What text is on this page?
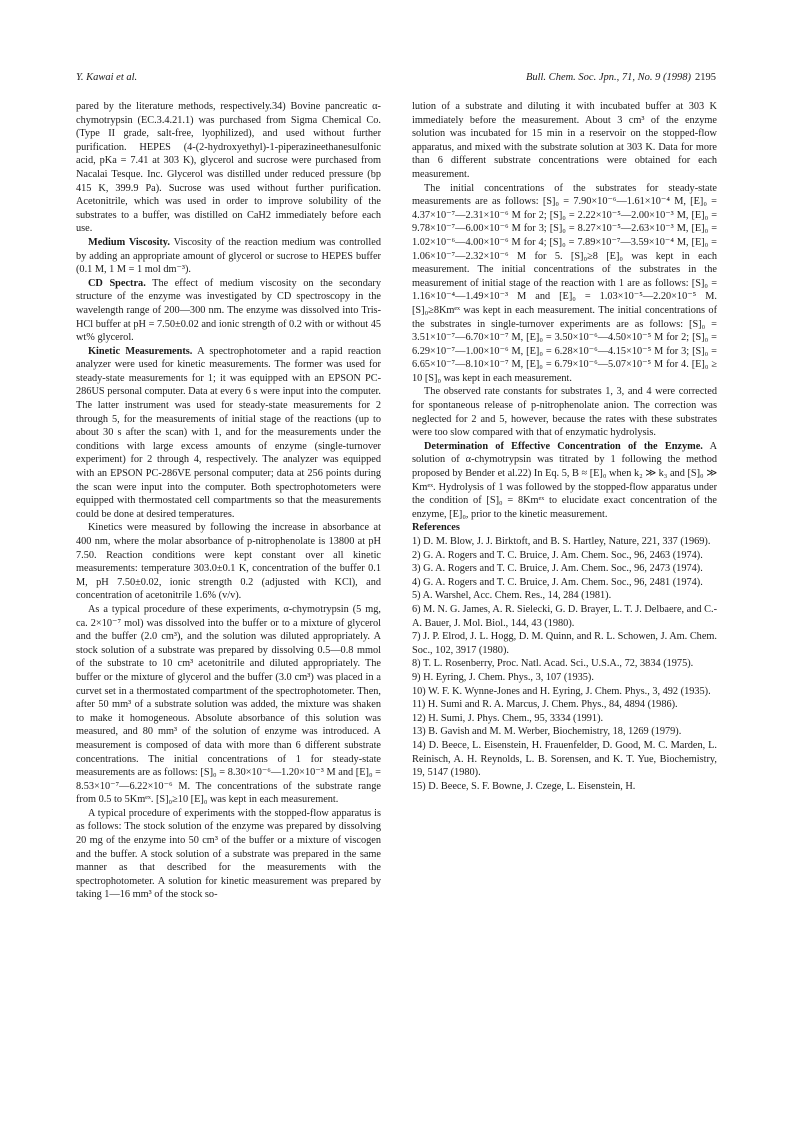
Y. Kawai et al.	Bull. Chem. Soc. Jpn., 71, No. 9 (1998) 2195

pared by the literature methods, respectively.34) Bovine pancreatic α-chymotrypsin (EC.3.4.21.1) was purchased from Sigma Chemical Co. (Type II grade, salt-free, lyophilized), and used without further purification. HEPES (4-(2-hydroxyethyl)-1-piperazineethanesulfonic acid, pKa = 7.41 at 303 K), glycerol and sucrose were purchased from Nacalai Tesque. Inc. Glycerol was distilled under reduced pressure (bp 415 K, 399.9 Pa). Sucrose was used without further purification. Acetonitrile, which was used in order to improve solubility of the substrates to a buffer, was distilled on CaH2 immediately before each use.

Medium Viscosity. Viscosity of the reaction medium was controlled by adding an appropriate amount of glycerol or sucrose to HEPES buffer (0.1 M, 1 M = 1 mol dm⁻³).

CD Spectra. The effect of medium viscosity on the secondary structure of the enzyme was investigated by CD spectroscopy in the wavelength range of 200—300 nm. The enzyme was dissolved into Tris-HCl buffer at pH = 7.50±0.02 and ionic strength of 0.2 with or without 45 wt% glycerol.

Kinetic Measurements. A spectrophotometer and a rapid reaction analyzer were used for kinetic measurements. The former was used for steady-state measurements for 1; it was equipped with an EPSON PC-286US personal computer. Data at every 6 s were input into the computer. The latter instrument was used for steady-state measurements for 2 through 5, for the measurements of initial stage of the reactions (up to about 30 s after the scan) with 1, and for the measurements under the conditions with large excess amounts of enzyme (single-turnover experiment) for 2 through 4, respectively. The analyzer was equipped with an EPSON PC-286VE personal computer; data at 256 points during the scan were input into the computer. Both spectrophotometers were equipped with thermostated cell compartments so that the measurements could be done at desired temperatures.

Kinetics were measured by following the increase in absorbance at 400 nm, where the molar absorbance of p-nitrophenolate is 13800 at pH 7.50. Reaction conditions were kept constant over all kinetic measurements: temperature 303.0±0.1 K, concentration of the buffer 0.1 M, pH 7.50±0.02, ionic strength 0.2 (adjusted with KCl), and concentration of acetonitrile 1.6% (v/v).

As a typical procedure of these experiments, α-chymotrypsin (5 mg, ca. 2×10⁻⁷ mol) was dissolved into the buffer or to a mixture of glycerol and the buffer (2.0 cm³), and the solution was diluted appropriately. A stock solution of a substrate was prepared by dissolving 0.5—0.8 mmol of the substrate to 10 cm³ acetonitrile and diluted appropriately. The buffer or the mixture of glycerol and the buffer (3.0 cm³) was placed in a curvet set in a thermostated compartment of the spectrophotometer. Then, after 50 mm³ of a substrate solution was added, the mixture was shaken to make it homogeneous. Absolute absorbance of this solution was measured, and 80 mm³ of the solution of enzyme was introduced. A measurement is composed of data with more than 6 different substrate concentrations. The initial concentrations of 1 for steady-state measurements are as follows: [S]₀ = 8.30×10⁻⁶—1.20×10⁻³ M and [E]₀ = 8.53×10⁻⁷—6.22×10⁻⁶ M. The concentrations of the substrate range from 0.5 to 5Kmᵉˣ. [S]₀≥10 [E]₀ was kept in each measurement.

A typical procedure of experiments with the stopped-flow apparatus is as follows: The stock solution of the enzyme was prepared by dissolving 20 mg of the enzyme into 50 cm³ of the buffer or a mixture of viscogen and the buffer. A stock solution of a substrate was prepared in the same manner as that described for the measurements with the spectrophotometer. A solution for kinetic measurement was prepared by taking 1—16 mm³ of the stock so-

lution of a substrate and diluting it with incubated buffer at 303 K immediately before the measurement. About 3 cm³ of the enzyme solution was incubated for 15 min in a reservoir on the stopped-flow apparatus, and mixed with the substrate solution at 303 K. Data for more than 6 different substrate concentrations were obtained for each measurement.

The initial concentrations of the substrates for steady-state measurements are as follows: [S]₀ = 7.90×10⁻⁶—1.61×10⁻⁴ M, [E]₀ = 4.37×10⁻⁷—2.31×10⁻⁶ M for 2; [S]₀ = 2.22×10⁻⁵—2.00×10⁻³ M, [E]₀ = 9.78×10⁻⁷—6.00×10⁻⁶ M for 3; [S]₀ = 8.27×10⁻⁵—2.63×10⁻³ M, [E]₀ = 1.02×10⁻⁶—4.00×10⁻⁶ M for 4; [S]₀ = 7.89×10⁻⁷—3.59×10⁻⁴ M, [E]₀ = 1.06×10⁻⁷—2.32×10⁻⁶ M for 5. [S]₀≥8 [E]₀ was kept in each measurement. The initial concentrations of the substrates in the measurement of initial stage of the reaction with 1 are as follows: [S]₀ = 1.16×10⁻⁴—1.49×10⁻³ M and [E]₀ = 1.03×10⁻⁵—2.20×10⁻⁵ M. [S]₀≥8Kmᵉˣ was kept in each measurement. The initial concentrations of the substrates in single-turnover experiments are as follows: [S]₀ = 3.51×10⁻⁷—6.70×10⁻⁷ M, [E]₀ = 3.50×10⁻⁶—4.50×10⁻⁵ M for 2; [S]₀ = 6.29×10⁻⁷—1.00×10⁻⁶ M, [E]₀ = 6.28×10⁻⁶—4.15×10⁻⁵ M for 3; [S]₀ = 6.65×10⁻⁷—8.10×10⁻⁷ M, [E]₀ = 6.79×10⁻⁶—5.07×10⁻⁵ M for 4. [E]₀ ≥ 10 [S]₀ was kept in each measurement.

The observed rate constants for substrates 1, 3, and 4 were corrected for spontaneous release of p-nitrophenolate anion. The correction was neglected for 2 and 5, however, because the rates with these substrates were too slow compared with that of enzymatic hydrolysis.

Determination of Effective Concentration of the Enzyme. A solution of α-chymotrypsin was titrated by 1 following the method proposed by Bender et al.22) In Eq. 5, B ≈ [E]₀ when k₂ ≫ k₃ and [S]₀ ≫ Kmᵉˣ. Hydrolysis of 1 was followed by the stopped-flow apparatus under the condition of [S]₀ = 8Kmᵉˣ to elucidate exact concentration of the enzyme, [E]₀, prior to the kinetic measurement.

References

1) D. M. Blow, J. J. Birktoft, and B. S. Hartley, Nature, 221, 337 (1969).

2) G. A. Rogers and T. C. Bruice, J. Am. Chem. Soc., 96, 2463 (1974).

3) G. A. Rogers and T. C. Bruice, J. Am. Chem. Soc., 96, 2473 (1974).

4) G. A. Rogers and T. C. Bruice, J. Am. Chem. Soc., 96, 2481 (1974).

5) A. Warshel, Acc. Chem. Res., 14, 284 (1981).

6) M. N. G. James, A. R. Sielecki, G. D. Brayer, L. T. J. Delbaere, and C.-A. Bauer, J. Mol. Biol., 144, 43 (1980).

7) J. P. Elrod, J. L. Hogg, D. M. Quinn, and R. L. Schowen, J. Am. Chem. Soc., 102, 3917 (1980).

8) T. L. Rosenberry, Proc. Natl. Acad. Sci., U.S.A., 72, 3834 (1975).

9) H. Eyring, J. Chem. Phys., 3, 107 (1935).

10) W. F. K. Wynne-Jones and H. Eyring, J. Chem. Phys., 3, 492 (1935).

11) H. Sumi and R. A. Marcus, J. Chem. Phys., 84, 4894 (1986).

12) H. Sumi, J. Phys. Chem., 95, 3334 (1991).

13) B. Gavish and M. M. Werber, Biochemistry, 18, 1269 (1979).

14) D. Beece, L. Eisenstein, H. Frauenfelder, D. Good, M. C. Marden, L. Reinisch, A. H. Reynolds, L. B. Sorensen, and K. T. Yue, Biochemistry, 19, 5147 (1980).

15) D. Beece, S. F. Bowne, J. Czege, L. Eisenstein, H.
